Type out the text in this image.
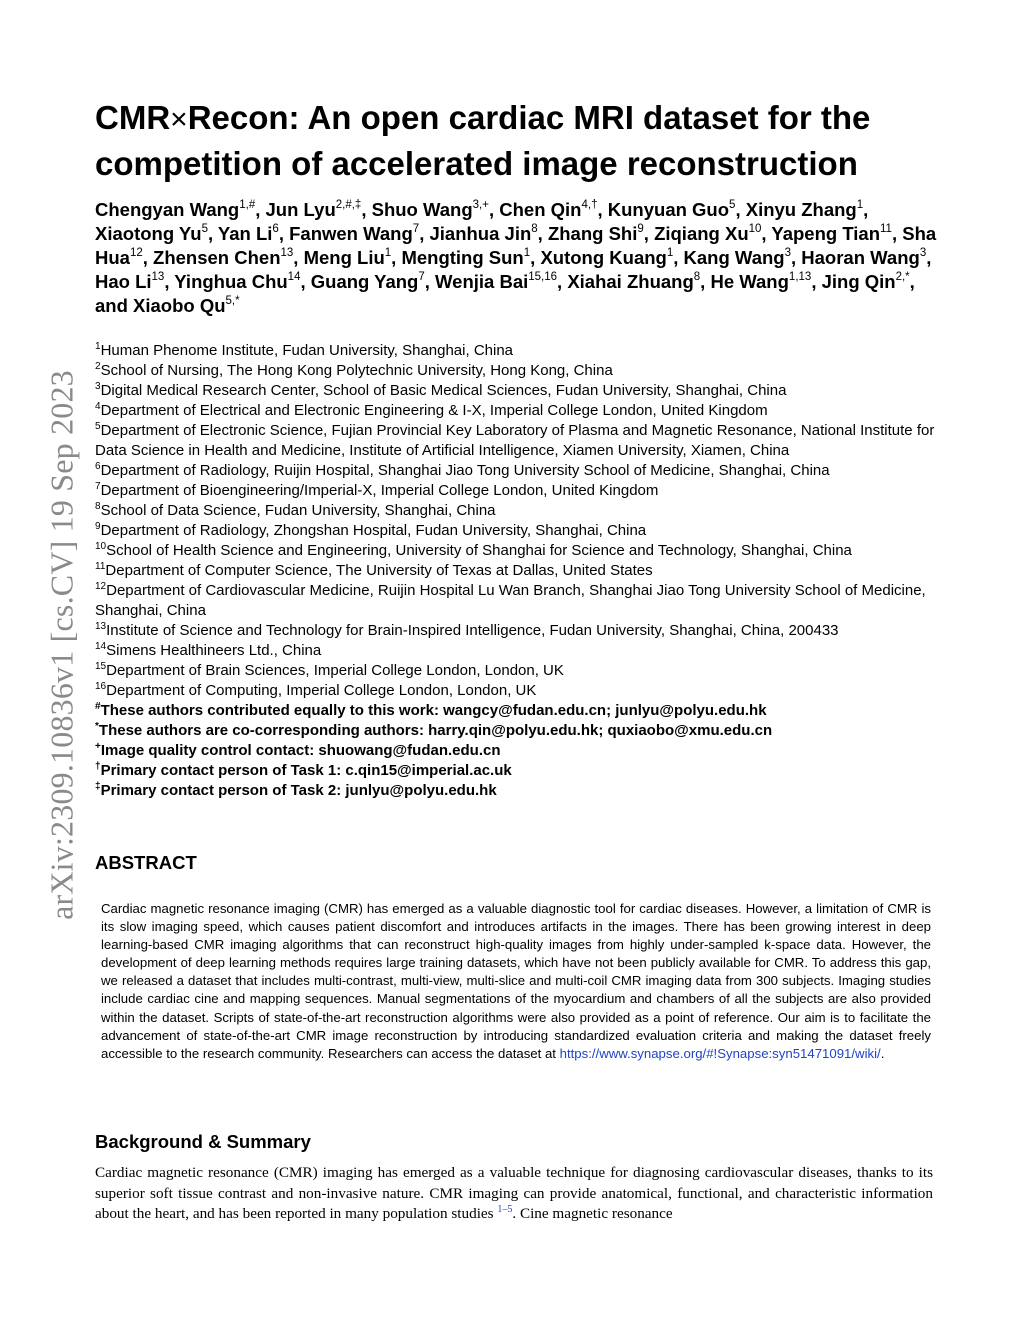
arXiv:2309.10836v1 [cs.CV] 19 Sep 2023
CMR×Recon: An open cardiac MRI dataset for the competition of accelerated image reconstruction
Chengyan Wang$^{1,\#}$, Jun Lyu$^{2,\#,\ddagger}$, Shuo Wang$^{3,+}$, Chen Qin$^{4,\dagger}$, Kunyuan Guo$^5$, Xinyu Zhang$^1$, Xiaotong Yu$^5$, Yan Li$^6$, Fanwen Wang$^7$, Jianhua Jin$^8$, Zhang Shi$^9$, Ziqiang Xu$^{10}$, Yapeng Tian$^{11}$, Sha Hua$^{12}$, Zhensen Chen$^{13}$, Meng Liu$^1$, Mengting Sun$^1$, Xutong Kuang$^1$, Kang Wang$^3$, Haoran Wang$^3$, Hao Li$^{13}$, Yinghua Chu$^{14}$, Guang Yang$^7$, Wenjia Bai$^{15,16}$, Xiahai Zhuang$^8$, He Wang$^{1,13}$, Jing Qin$^{2,*}$, and Xiaobo $Qu^{5,*}$
$^1$Human Phenome Institute, Fudan University, Shanghai, China
$^2$School of Nursing, The Hong Kong Polytechnic University, Hong Kong, China
$^3$Digital Medical Research Center, School of Basic Medical Sciences, Fudan University, Shanghai, China
$^4$Department of Electrical and Electronic Engineering & I-X, Imperial College London, United Kingdom
$^5$Department of Electronic Science, Fujian Provincial Key Laboratory of Plasma and Magnetic Resonance, National Institute for Data Science in Health and Medicine, Institute of Artificial Intelligence, Xiamen University, Xiamen, China
$^6$Department of Radiology, Ruijin Hospital, Shanghai Jiao Tong University School of Medicine, Shanghai, China
$^7$Department of Bioengineering/Imperial-X, Imperial College London, United Kingdom
$^8$School of Data Science, Fudan University, Shanghai, China
$^9$Department of Radiology, Zhongshan Hospital, Fudan University, Shanghai, China
$^{10}$School of Health Science and Engineering, University of Shanghai for Science and Technology, Shanghai, China
$^{11}$Department of Computer Science, The University of Texas at Dallas, United States
$^{12}$Department of Cardiovascular Medicine, Ruijin Hospital Lu Wan Branch, Shanghai Jiao Tong University School of Medicine, Shanghai, China
$^{13}$Institute of Science and Technology for Brain-Inspired Intelligence, Fudan University, Shanghai, China, 200433
$^{14}$Simens Healthineers Ltd., China
$^{15}$Department of Brain Sciences, Imperial College London, London, UK
$^{16}$Department of Computing, Imperial College London, London, UK
#These authors contributed equally to this work: wangcy@fudan.edu.cn; junlyu@polyu.edu.hk
*These authors are co-corresponding authors: harry.qin@polyu.edu.hk; quxiaobo@xmu.edu.cn
+Image quality control contact: shuowang@fudan.edu.cn
†Primary contact person of Task 1: c.qin15@imperial.ac.uk
‡Primary contact person of Task 2: junlyu@polyu.edu.hk
ABSTRACT

Cardiac magnetic resonance imaging (CMR) has emerged as a valuable diagnostic tool for cardiac diseases. However, a limitation of CMR is its slow imaging speed, which causes patient discomfort and introduces artifacts in the images. There has been growing interest in deep learning-based CMR imaging algorithms that can reconstruct high-quality images from highly under-sampled k-space data. However, the development of deep learning methods requires large training datasets, which have not been publicly available for CMR. To address this gap, we released a dataset that includes multi-contrast, multi-view, multi-slice and multi-coil CMR imaging data from 300 subjects. Imaging studies include cardiac cine and mapping sequences. Manual segmentations of the myocardium and chambers of all the subjects are also provided within the dataset. Scripts of state-of-the-art reconstruction algorithms were also provided as a point of reference. Our aim is to facilitate the advancement of state-of-the-art CMR image reconstruction by introducing standardized evaluation criteria and making the dataset freely accessible to the research community. Researchers can access the dataset at https://www.synapse.org/#!Synapse:syn51471091/wiki/.

Background & Summary

Cardiac magnetic resonance (CMR) imaging has emerged as a valuable technique for diagnosing cardiovascular diseases, thanks to its superior soft tissue contrast and non-invasive nature. CMR imaging can provide anatomical, functional, and characteristic information about the heart, and has been reported in many population studies $^{1-5}$. Cine magnetic resonance
